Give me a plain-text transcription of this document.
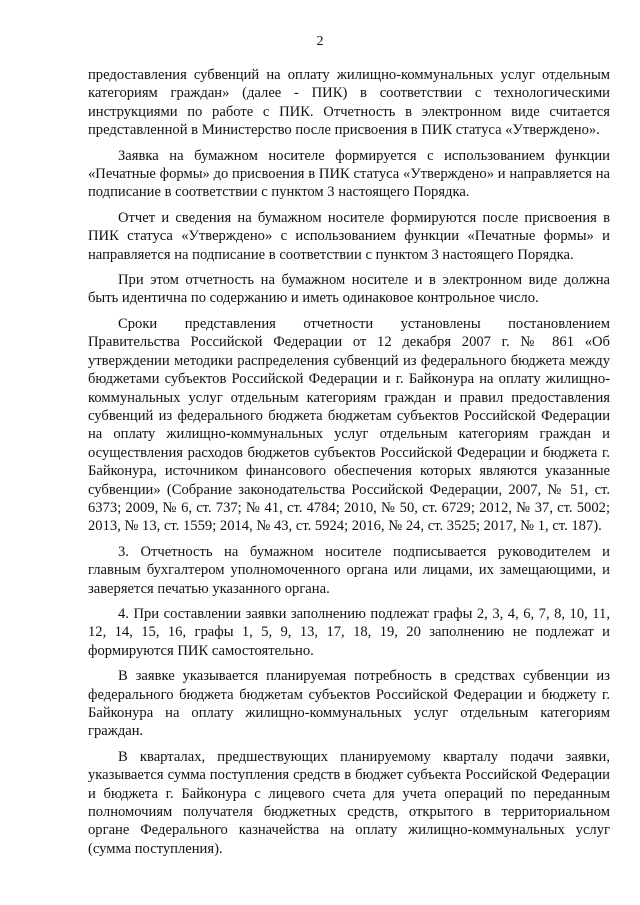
2

предоставления субвенций на оплату жилищно-коммунальных услуг отдельным категориям граждан» (далее - ПИК) в соответствии с технологическими инструкциями по работе с ПИК. Отчетность в электронном виде считается представленной в Министерство после присвоения в ПИК статуса «Утверждено».

Заявка на бумажном носителе формируется с использованием функции «Печатные формы» до присвоения в ПИК статуса «Утверждено» и направляется на подписание в соответствии с пунктом 3 настоящего Порядка.

Отчет и сведения на бумажном носителе формируются после присвоения в ПИК статуса «Утверждено» с использованием функции «Печатные формы» и направляется на подписание в соответствии с пунктом 3 настоящего Порядка.

При этом отчетность на бумажном носителе и в электронном виде должна быть идентична по содержанию и иметь одинаковое контрольное число.

Сроки представления отчетности установлены постановлением Правительства Российской Федерации от 12 декабря 2007 г. № 861 «Об утверждении методики распределения субвенций из федерального бюджета между бюджетами субъектов Российской Федерации и г. Байконура на оплату жилищно-коммунальных услуг отдельным категориям граждан и правил предоставления субвенций из федерального бюджета бюджетам субъектов Российской Федерации на оплату жилищно-коммунальных услуг отдельным категориям граждан и осуществления расходов бюджетов субъектов Российской Федерации и бюджета г. Байконура, источником финансового обеспечения которых являются указанные субвенции» (Собрание законодательства Российской Федерации, 2007, № 51, ст. 6373; 2009, № 6, ст. 737; № 41, ст. 4784; 2010, № 50, ст. 6729; 2012, № 37, ст. 5002; 2013, № 13, ст. 1559; 2014, № 43, ст. 5924; 2016, № 24, ст. 3525; 2017, № 1, ст. 187).

3. Отчетность на бумажном носителе подписывается руководителем и главным бухгалтером уполномоченного органа или лицами, их замещающими, и заверяется печатью указанного органа.

4. При составлении заявки заполнению подлежат графы 2, 3, 4, 6, 7, 8, 10, 11, 12, 14, 15, 16, графы 1, 5, 9, 13, 17, 18, 19, 20 заполнению не подлежат и формируются ПИК самостоятельно.

В заявке указывается планируемая потребность в средствах субвенции из федерального бюджета бюджетам субъектов Российской Федерации и бюджету г. Байконура на оплату жилищно-коммунальных услуг отдельным категориям граждан.

В кварталах, предшествующих планируемому кварталу подачи заявки, указывается сумма поступления средств в бюджет субъекта Российской Федерации и бюджета г. Байконура с лицевого счета для учета операций по переданным полномочиям получателя бюджетных средств, открытого в территориальном органе Федерального казначейства на оплату жилищно-коммунальных услуг (сумма поступления).
